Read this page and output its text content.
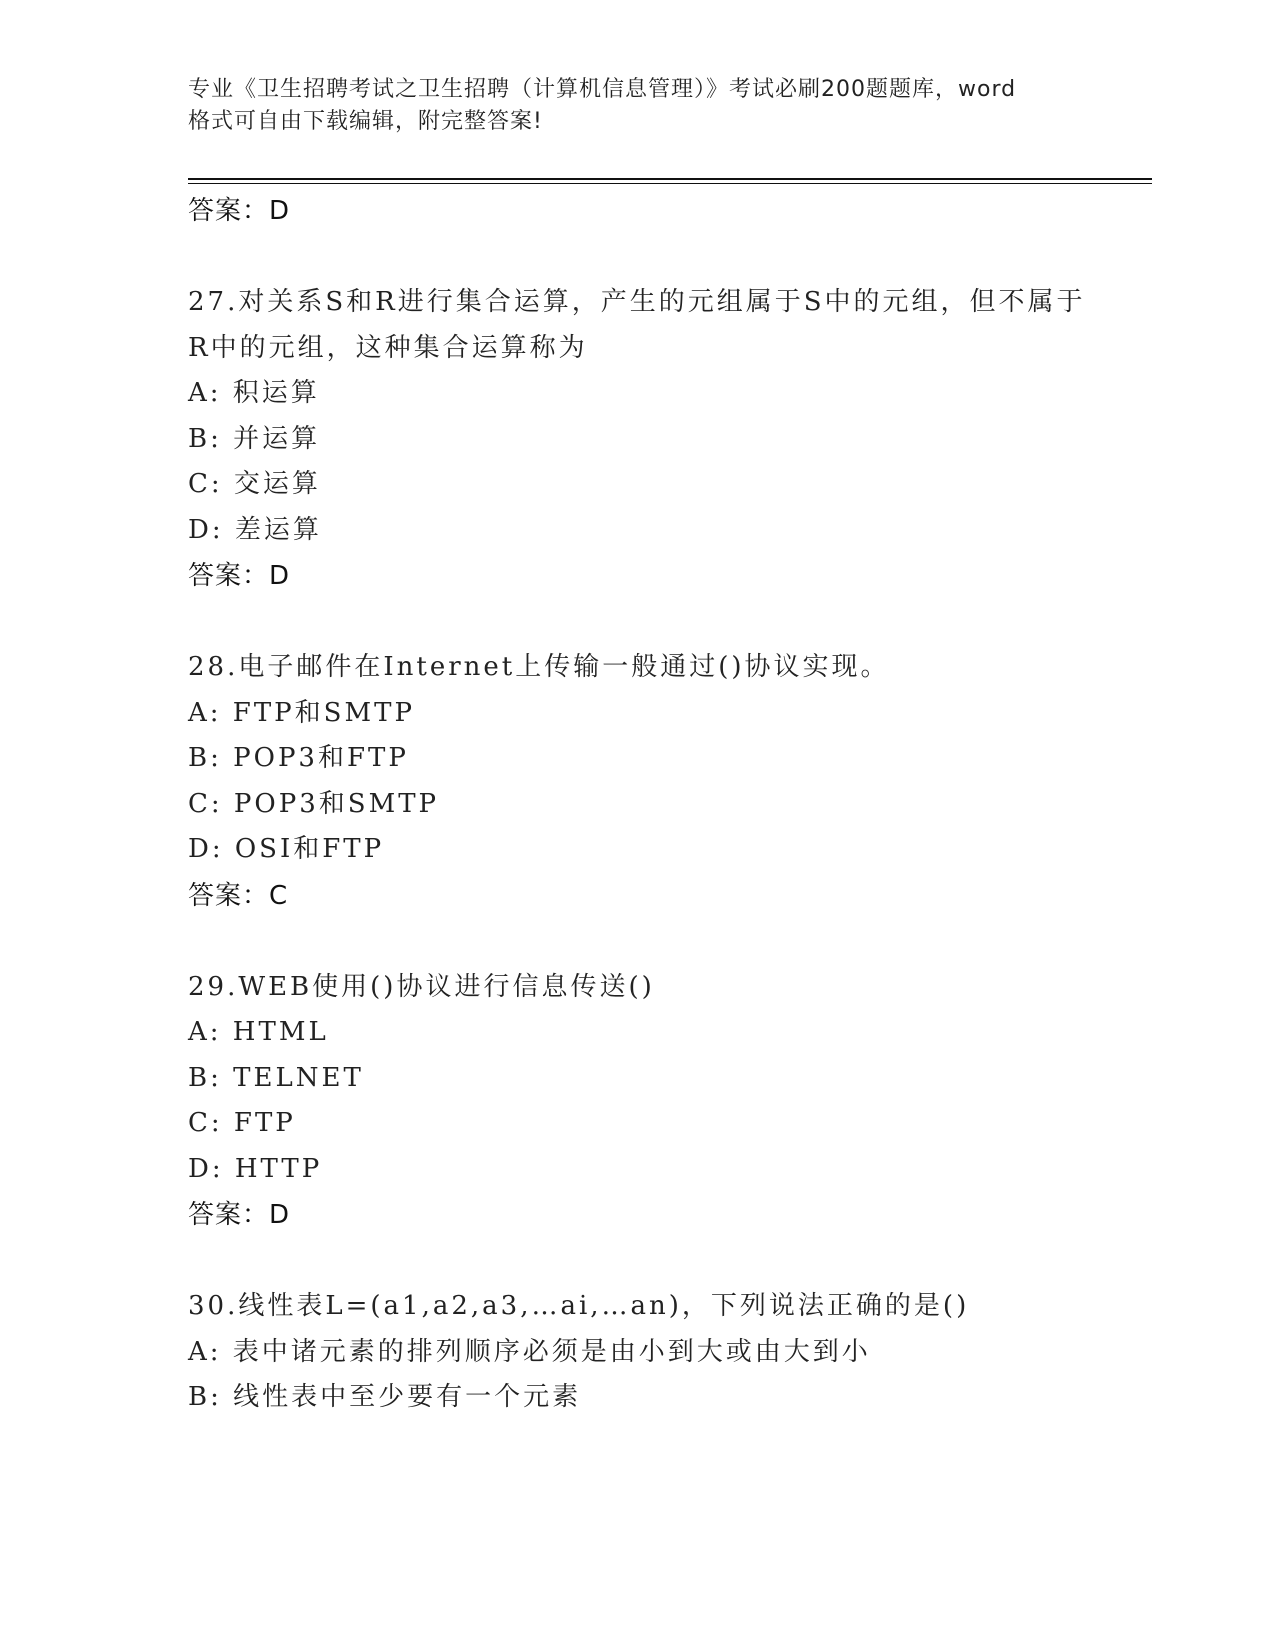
专业《卫生招聘考试之卫生招聘（计算机信息管理）》考试必刷200题题库，word
格式可自由下载编辑，附完整答案!
答案：D
27.对关系S和R进行集合运算，产生的元组属于S中的元组，但不属于R中的元组，这种集合运算称为
A: 积运算
B: 并运算
C: 交运算
D: 差运算
答案：D
28.电子邮件在Internet上传输一般通过()协议实现。
A: FTP和SMTP
B: POP3和FTP
C: POP3和SMTP
D: OSI和FTP
答案：C
29.WEB使用()协议进行信息传送()
A: HTML
B: TELNET
C: FTP
D: HTTP
答案：D
30.线性表L=(a1,a2,a3,…ai,…an)，下列说法正确的是()
A: 表中诸元素的排列顺序必须是由小到大或由大到小
B: 线性表中至少要有一个元素
